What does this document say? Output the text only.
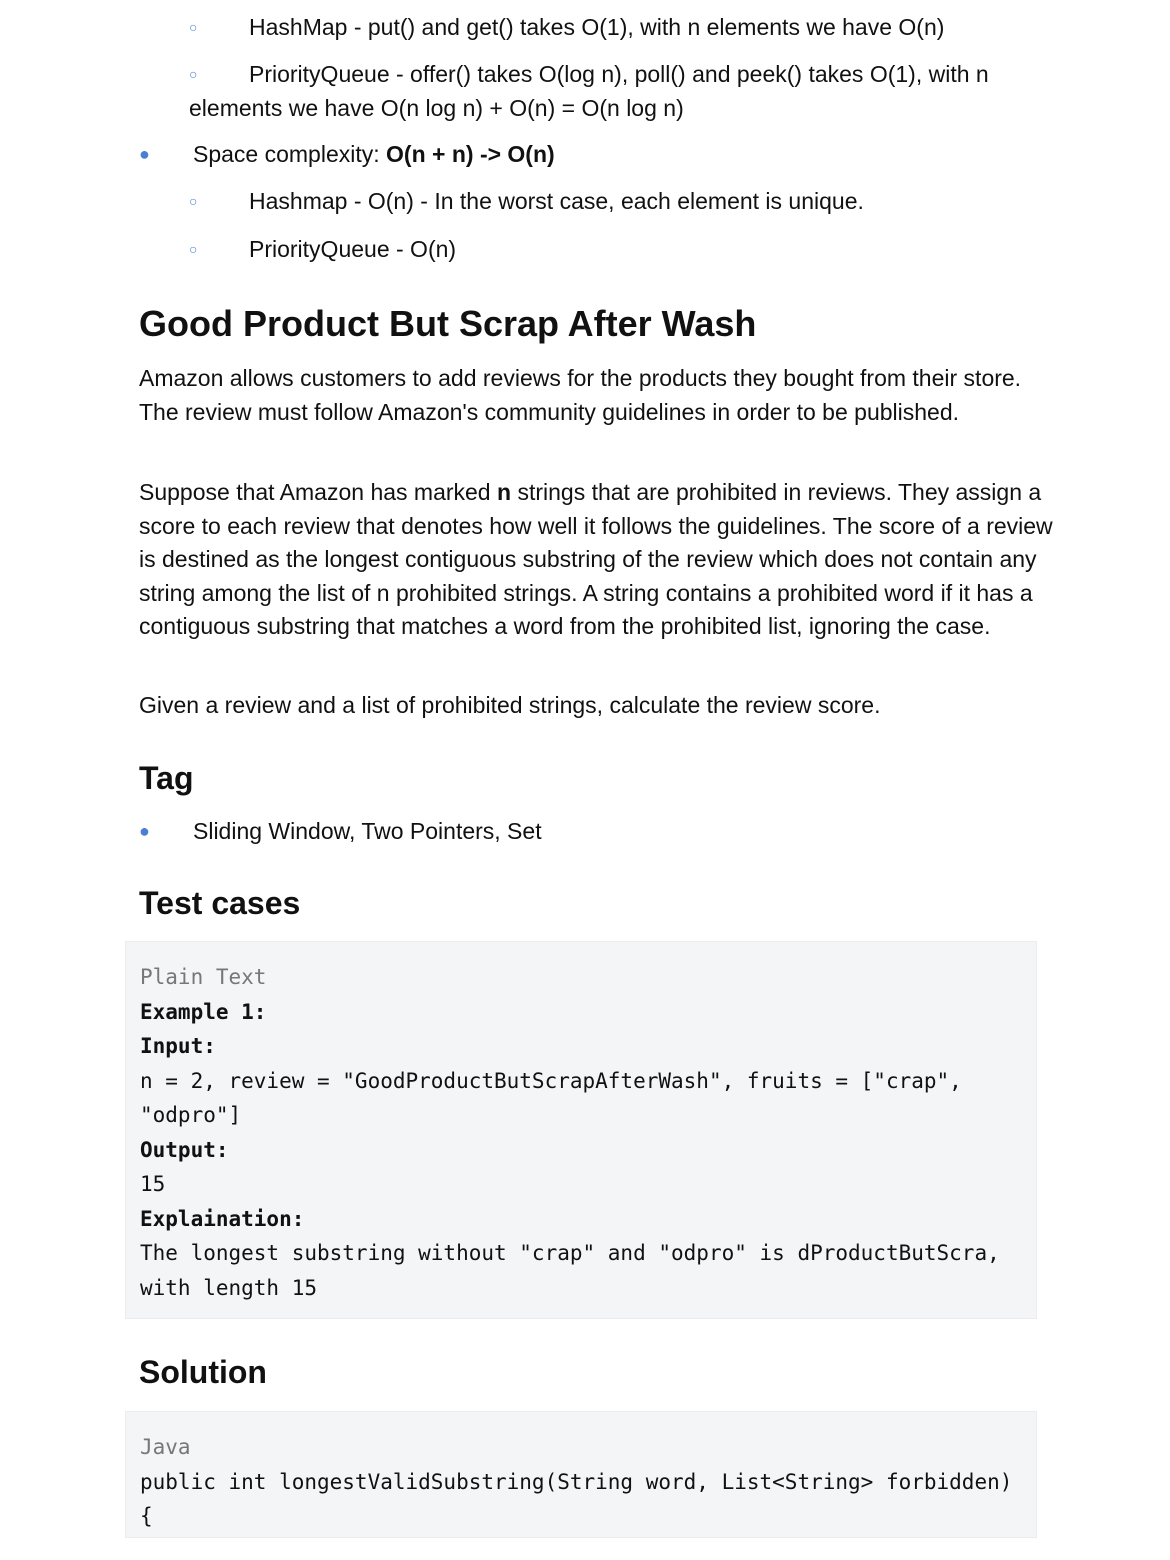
○ HashMap - put() and get() takes O(1), with n elements we have O(n)
○ PriorityQueue - offer() takes O(log n), poll() and peek() takes O(1), with n elements we have O(n log n) + O(n) = O(n log n)
● Space complexity: O(n + n) -> O(n)
○ Hashmap - O(n) - In the worst case, each element is unique.
○ PriorityQueue - O(n)
Good Product But Scrap After Wash

Amazon allows customers to add reviews for the products they bought from their store. The review must follow Amazon's community guidelines in order to be published.

Suppose that Amazon has marked n strings that are prohibited in reviews. They assign a score to each review that denotes how well it follows the guidelines. The score of a review is destined as the longest contiguous substring of the review which does not contain any string among the list of n prohibited strings. A string contains a prohibited word if it has a contiguous substring that matches a word from the prohibited list, ignoring the case.

Given a review and a list of prohibited strings, calculate the review score.

Tag
● Sliding Window, Two Pointers, Set
Test cases
Plain Text
Example 1:
Input:
n = 2, review = "GoodProductButScrapAfterWash", fruits = ["crap", "odpro"]
Output:
15
Explaination:
The longest substring without "crap" and "odpro" is dProductButScra, with length 15
Solution
Java
public int longestValidSubstring(String word, List<String> forbidden) {
